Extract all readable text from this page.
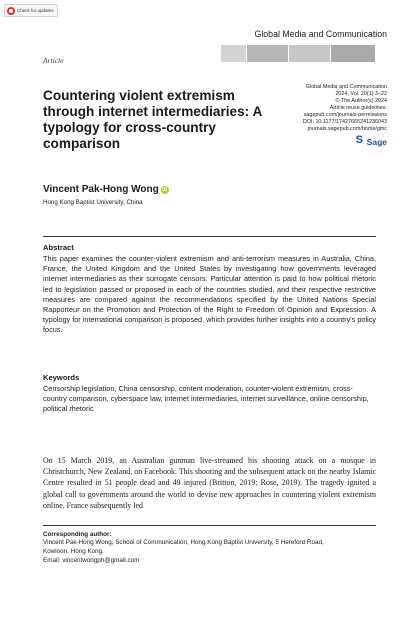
Check for updates
Global Media and Communication
Article
Global Media and Communication
2024, Vol. 20(1) 3–22
© The Author(s) 2024
Article reuse guidelines:
sagepub.com/journals-permissions
DOI: 10.1177/17427665241236043
journals.sagepub.com/home/gmc
S
Sage
Countering violent extremism through internet intermediaries: A typology for cross-country comparison
Vincent Pak-Hong Wong iD
Hong Kong Baptist University, China
Abstract

This paper examines the counter-violent extremism and anti-terrorism measures in Australia, China, France, the United Kingdom and the United States by investigating how governments leveraged internet intermediaries as their surrogate censors. Particular attention is paid to how political rhetoric led to legislation passed or proposed in each of the countries studied, and their respective restrictive measures are compared against the recommendations specified by the United Nations Special Rapporteur on the Promotion and Protection of the Right to Freedom of Opinion and Expression. A typology for international comparison is proposed, which provides further insights into a country's policy focus.

Keywords

Censorship legislation, China censorship, content moderation, counter-violent extremism, cross-country comparison, cyberspace law, internet intermediaries, internet surveillance, online censorship, political rhetoric

On 15 March 2019, an Australian gunman live-streamed his shooting attack on a mosque in Christchurch, New Zealand, on Facebook. This shooting and the subsequent attack on the nearby Islamic Centre resulted in 51 people dead and 49 injured (Britton, 2019; Rose, 2019). The tragedy ignited a global call to governments around the world to devise new approaches in countering violent extremism online. France subsequently led

Corresponding author:
Vincent Pak-Hong Wong, School of Communication, Hong Kong Baptist University, 5 Hereford Road,
Kowloon, Hong Kong.
Email: vincentwongph@gmail.com
